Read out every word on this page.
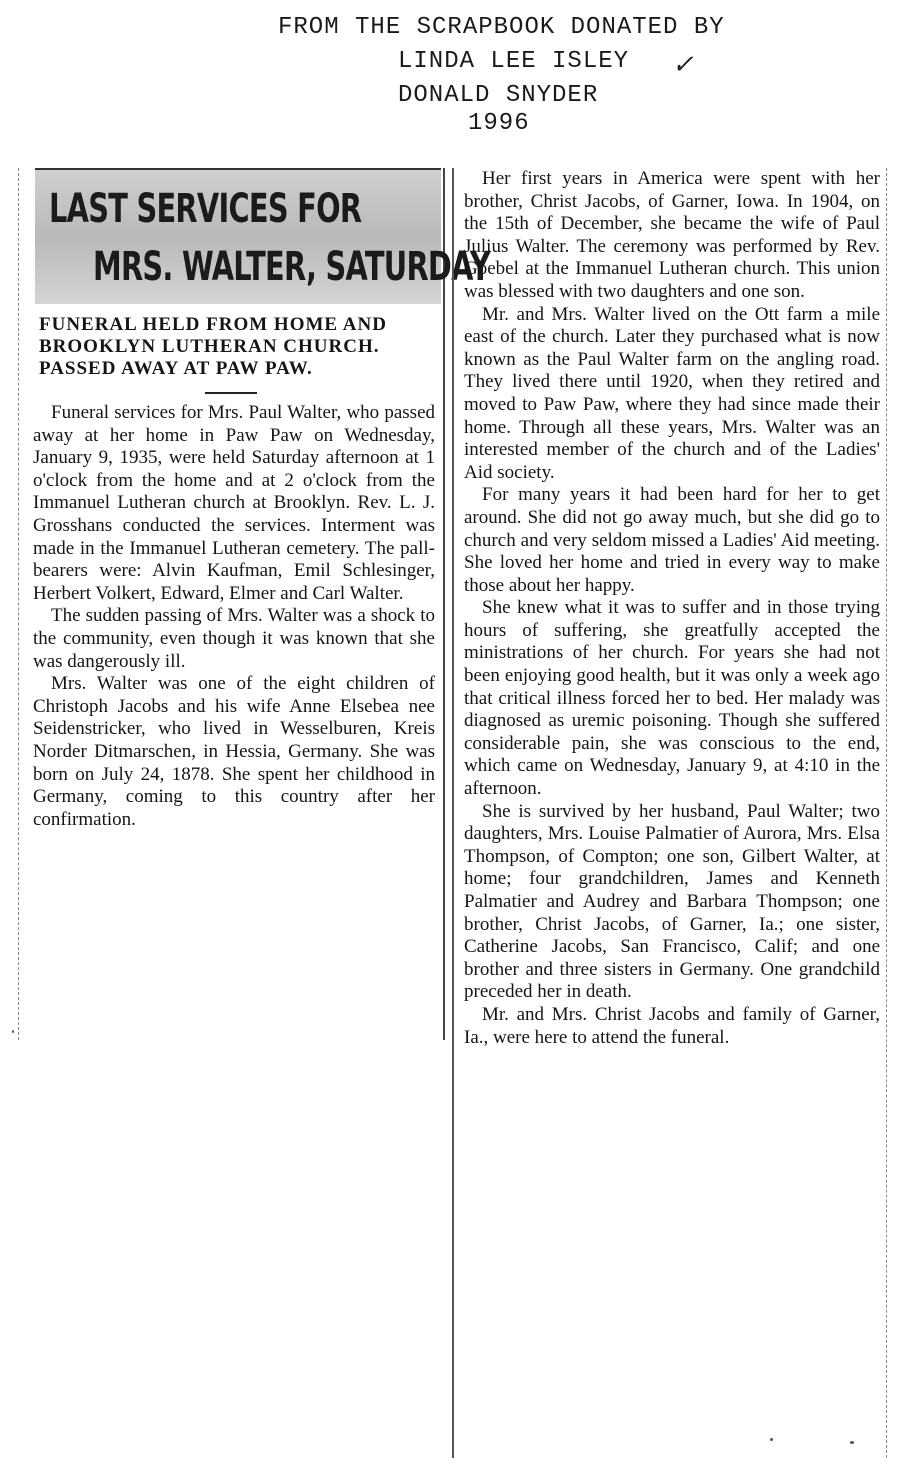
FROM THE SCRAPBOOK DONATED BY
LINDA LEE ISLEY ✓
DONALD SNYDER
1996
LAST SERVICES FOR
MRS. WALTER, SATURDAY
FUNERAL HELD FROM HOME AND BROOKLYN LUTHERAN CHURCH. PASSED AWAY AT PAW PAW.

Funeral services for Mrs. Paul Walter, who passed away at her home in Paw Paw on Wednesday, January 9, 1935, were held Saturday afternoon at 1 o'clock from the home and at 2 o'clock from the Immanuel Lutheran church at Brooklyn. Rev. L. J. Grosshans conducted the services. Interment was made in the Immanuel Lutheran cemetery. The pall-bearers were: Alvin Kaufman, Emil Schlesinger, Herbert Volkert, Edward, Elmer and Carl Walter.

The sudden passing of Mrs. Walter was a shock to the community, even though it was known that she was dangerously ill.

Mrs. Walter was one of the eight children of Christoph Jacobs and his wife Anne Elsebea nee Seidenstricker, who lived in Wesselburen, Kreis Norder Ditmarschen, in Hessia, Germany. She was born on July 24, 1878. She spent her childhood in Germany, coming to this country after her confirmation.

Her first years in America were spent with her brother, Christ Jacobs, of Garner, Iowa. In 1904, on the 15th of December, she became the wife of Paul Julius Walter. The ceremony was performed by Rev. Goebel at the Immanuel Lutheran church. This union was blessed with two daughters and one son.

Mr. and Mrs. Walter lived on the Ott farm a mile east of the church. Later they purchased what is now known as the Paul Walter farm on the angling road. They lived there until 1920, when they retired and moved to Paw Paw, where they had since made their home. Through all these years, Mrs. Walter was an interested member of the church and of the Ladies' Aid society.

For many years it had been hard for her to get around. She did not go away much, but she did go to church and very seldom missed a Ladies' Aid meeting. She loved her home and tried in every way to make those about her happy.

She knew what it was to suffer and in those trying hours of suffering, she greatfully accepted the ministrations of her church. For years she had not been enjoying good health, but it was only a week ago that critical illness forced her to bed. Her malady was diagnosed as uremic poisoning. Though she suffered considerable pain, she was conscious to the end, which came on Wednesday, January 9, at 4:10 in the afternoon.

She is survived by her husband, Paul Walter; two daughters, Mrs. Louise Palmatier of Aurora, Mrs. Elsa Thompson, of Compton; one son, Gilbert Walter, at home; four grandchildren, James and Kenneth Palmatier and Audrey and Barbara Thompson; one brother, Christ Jacobs, of Garner, Ia.; one sister, Catherine Jacobs, San Francisco, Calif; and one brother and three sisters in Germany. One grandchild preceded her in death.

Mr. and Mrs. Christ Jacobs and family of Garner, Ia., were here to attend the funeral.
